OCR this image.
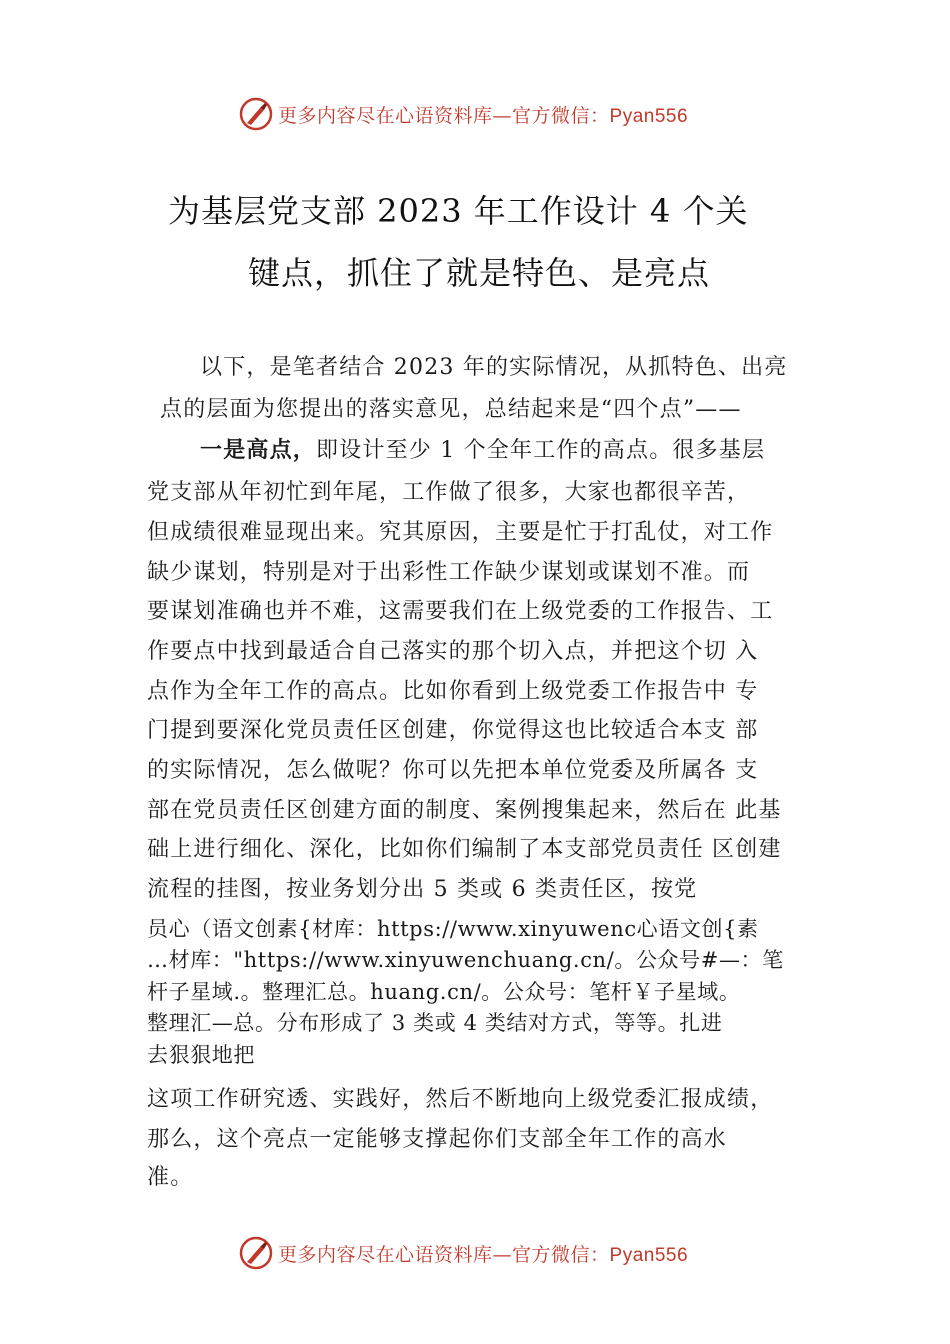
更多内容尽在心语资料库—官方微信：Pyan556
为基层党支部 2023 年工作设计 4 个关
键点，抓住了就是特色、是亮点
以下，是笔者结合 2023 年的实际情况，从抓特色、出亮
点的层面为您提出的落实意见，总结起来是“四个点”——
一是高点，即设计至少 1 个全年工作的高点。很多基层
党支部从年初忙到年尾，工作做了很多，大家也都很辛苦，
但成绩很难显现出来。究其原因，主要是忙于打乱仗，对工作
缺少谋划，特别是对于出彩性工作缺少谋划或谋划不准。而
要谋划准确也并不难，这需要我们在上级党委的工作报告、工
作要点中找到最适合自己落实的那个切入点，并把这个切 入
点作为全年工作的高点。比如你看到上级党委工作报告中 专
门提到要深化党员责任区创建，你觉得这也比较适合本支 部
的实际情况，怎么做呢？你可以先把本单位党委及所属各 支
部在党员责任区创建方面的制度、案例搜集起来，然后在 此基
础上进行细化、深化，比如你们编制了本支部党员责任 区创建
流程的挂图，按业务划分出 5 类或 6 类责任区，按党
员心（语文创素{材库：https://www.xinyuwenc心语文创{素
…材库："https://www.xinyuwenchuang.cn/。公众号#—：笔
杆子星域.。整理汇总。huang.cn/。公众号：笔杆￥子星域。
整理汇—总。分布形成了 3 类或 4 类结对方式，等等。扎进
去狠狠地把
这项工作研究透、实践好，然后不断地向上级党委汇报成绩，
那么，这个亮点一定能够支撑起你们支部全年工作的高水
准。
更多内容尽在心语资料库—官方微信：Pyan556
